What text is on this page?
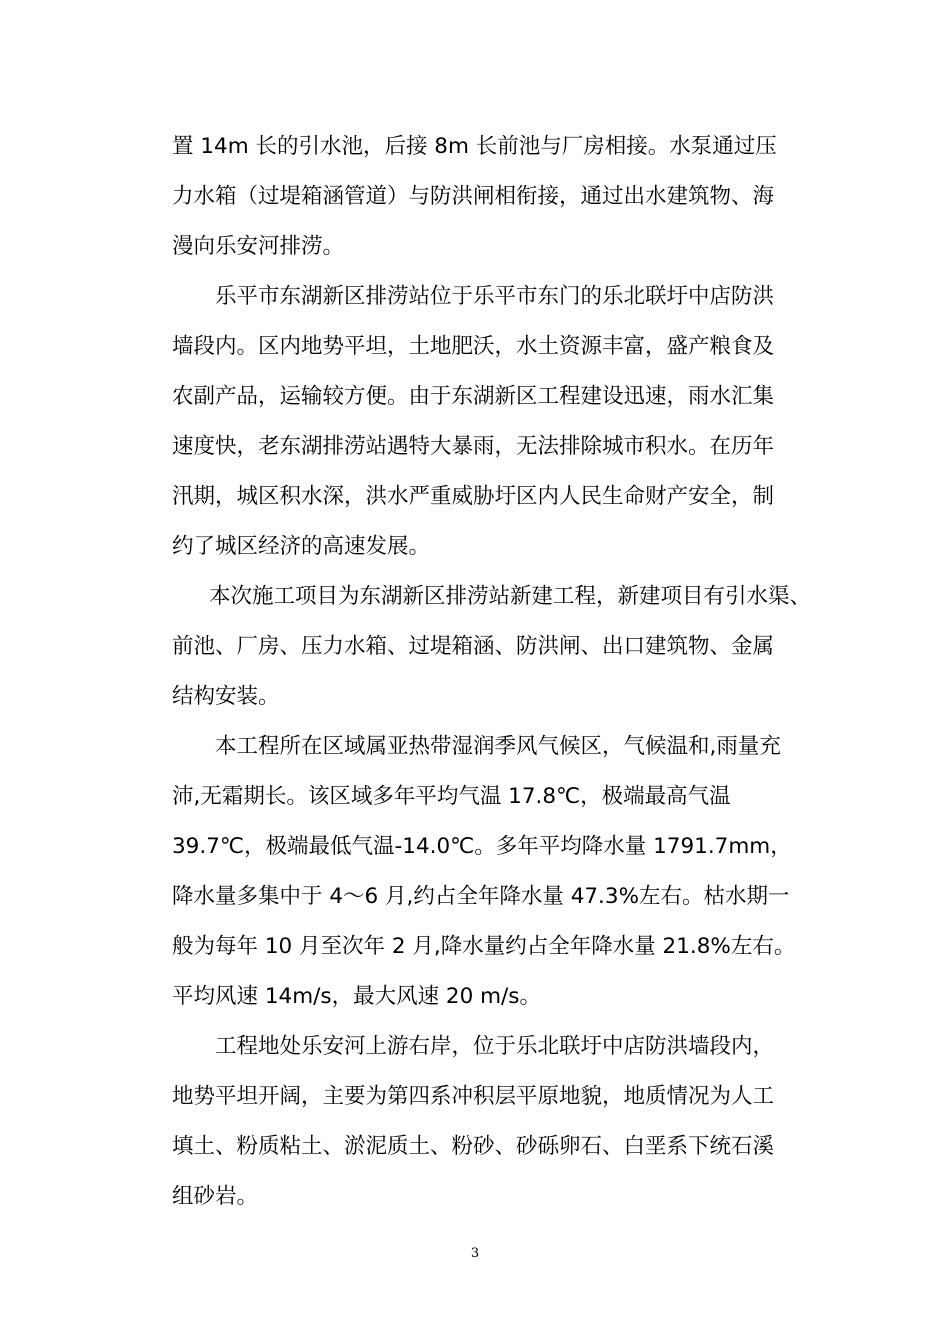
置 14m 长的引水池，后接 8m 长前池与厂房相接。水泵通过压
力水箱（过堤箱涵管道）与防洪闸相衔接，通过出水建筑物、海
漫向乐安河排涝。
乐平市东湖新区排涝站位于乐平市东门的乐北联圩中店防洪
墙段内。区内地势平坦，土地肥沃，水土资源丰富，盛产粮食及
农副产品，运输较方便。由于东湖新区工程建设迅速，雨水汇集
速度快，老东湖排涝站遇特大暴雨，无法排除城市积水。在历年
汛期，城区积水深，洪水严重威胁圩区内人民生命财产安全，制
约了城区经济的高速发展。
本次施工项目为东湖新区排涝站新建工程，新建项目有引水渠、
前池、厂房、压力水箱、过堤箱涵、防洪闸、出口建筑物、金属
结构安装。
本工程所在区域属亚热带湿润季风气候区，气候温和,雨量充
沛,无霜期长。该区域多年平均气温 17.8℃，极端最高气温
39.7℃，极端最低气温-14.0℃。多年平均降水量 1791.7mm，
降水量多集中于 4～6 月,约占全年降水量 47.3%左右。枯水期一
般为每年 10 月至次年 2 月,降水量约占全年降水量 21.8%左右。
平均风速 14m/s，最大风速 20 m/s。
工程地处乐安河上游右岸，位于乐北联圩中店防洪墙段内，
地势平坦开阔，主要为第四系冲积层平原地貌，地质情况为人工
填土、粉质粘土、淤泥质土、粉砂、砂砾卵石、白垩系下统石溪
组砂岩。
3
